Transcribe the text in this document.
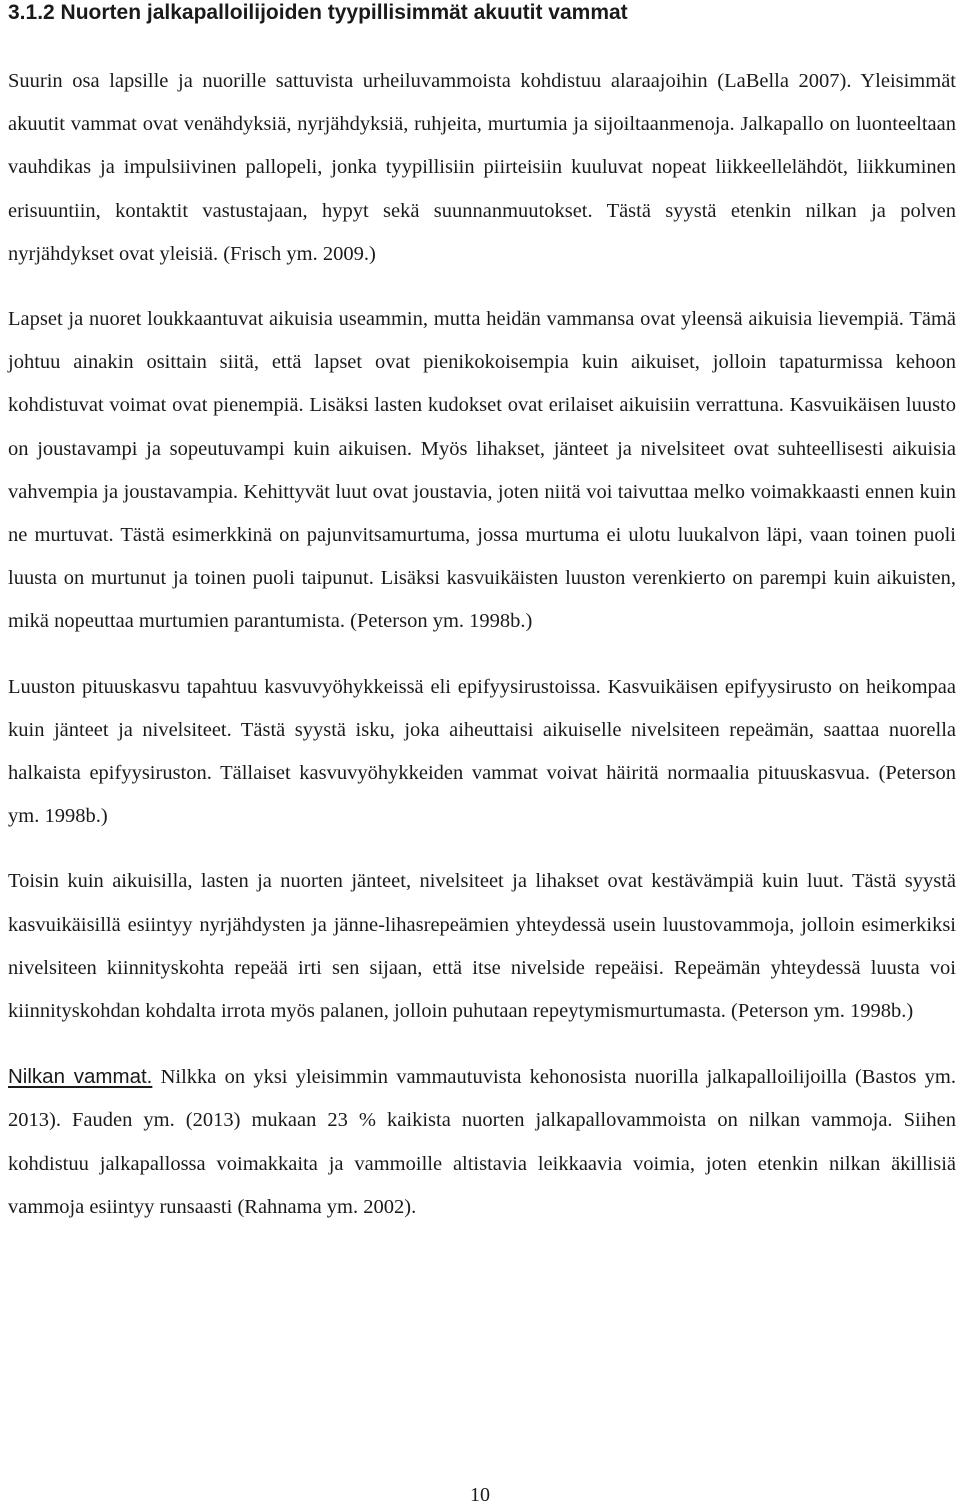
3.1.2 Nuorten jalkapalloilijoiden tyypillisimmät akuutit vammat

Suurin osa lapsille ja nuorille sattuvista urheiluvammoista kohdistuu alaraajoihin (LaBella 2007). Yleisimmät akuutit vammat ovat venähdyksiä, nyrjähdyksiä, ruhjeita, murtumia ja sijoiltaanmenoja. Jalkapallo on luonteeltaan vauhdikas ja impulsiivinen pallopeli, jonka tyypillisiin piirteisiin kuuluvat nopeat liikkeellelähdöt, liikkuminen erisuuntiin, kontaktit vastustajaan, hypyt sekä suunnanmuutokset. Tästä syystä etenkin nilkan ja polven nyrjähdykset ovat yleisiä. (Frisch ym. 2009.)

Lapset ja nuoret loukkaantuvat aikuisia useammin, mutta heidän vammansa ovat yleensä aikuisia lievempiä. Tämä johtuu ainakin osittain siitä, että lapset ovat pienikokoisempia kuin aikuiset, jolloin tapaturmissa kehoon kohdistuvat voimat ovat pienempiä. Lisäksi lasten kudokset ovat erilaiset aikuisiin verrattuna. Kasvuikäisen luusto on joustavampi ja sopeutuvampi kuin aikuisen. Myös lihakset, jänteet ja nivelsiteet ovat suhteellisesti aikuisia vahvempia ja joustavampia. Kehittyvät luut ovat joustavia, joten niitä voi taivuttaa melko voimakkaasti ennen kuin ne murtuvat. Tästä esimerkkinä on pajunvitsamurtuma, jossa murtuma ei ulotu luukalvon läpi, vaan toinen puoli luusta on murtunut ja toinen puoli taipunut. Lisäksi kasvuikäisten luuston verenkierto on parempi kuin aikuisten, mikä nopeuttaa murtumien parantumista. (Peterson ym. 1998b.)

Luuston pituuskasvu tapahtuu kasvuvyöhykkeissä eli epifyysirustoissa. Kasvuikäisen epifyysirusto on heikompaa kuin jänteet ja nivelsiteet. Tästä syystä isku, joka aiheuttaisi aikuiselle nivelsiteen repeämän, saattaa nuorella halkaista epifyysiruston. Tällaiset kasvuvyöhykkeiden vammat voivat häiritä normaalia pituuskasvua. (Peterson ym. 1998b.)

Toisin kuin aikuisilla, lasten ja nuorten jänteet, nivelsiteet ja lihakset ovat kestävämpiä kuin luut. Tästä syystä kasvuikäisillä esiintyy nyrjähdysten ja jänne-lihasrepeämien yhteydessä usein luustovammoja, jolloin esimerkiksi nivelsiteen kiinnityskohta repeää irti sen sijaan, että itse nivelside repeäisi. Repeämän yhteydessä luusta voi kiinnityskohdan kohdalta irrota myös palanen, jolloin puhutaan repeytymismurtumasta. (Peterson ym. 1998b.)

Nilkan vammat. Nilkka on yksi yleisimmin vammautuvista kehonosista nuorilla jalkapalloilijoilla (Bastos ym. 2013). Fauden ym. (2013) mukaan 23 % kaikista nuorten jalkapallovammoista on nilkan vammoja. Siihen kohdistuu jalkapallossa voimakkaita ja vammoille altistavia leikkaavia voimia, joten etenkin nilkan äkillisiä vammoja esiintyy runsaasti (Rahnama ym. 2002).

10
